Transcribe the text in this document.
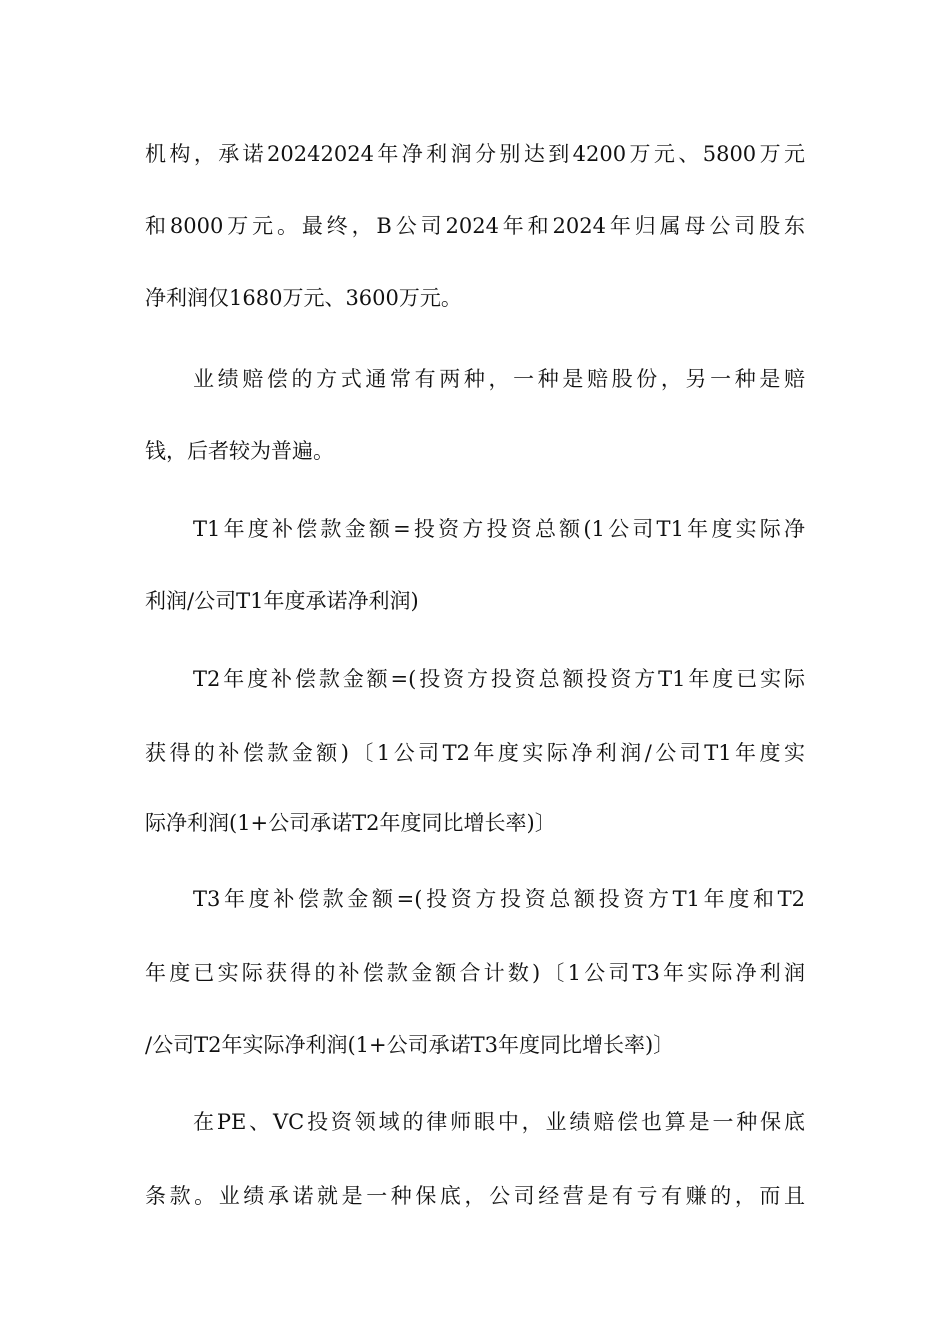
机构，承诺20242024年净利润分别达到4200万元、5800万元
和8000万元。最终，B公司2024年和2024年归属母公司股东
净利润仅1680万元、3600万元。
业绩赔偿的方式通常有两种，一种是赔股份，另一种是赔
钱，后者较为普遍。
T1年度补偿款金额=投资方投资总额(1公司T1年度实际净
利润/公司T1年度承诺净利润)
T2年度补偿款金额=(投资方投资总额投资方T1年度已实际
获得的补偿款金额)〔1公司T2年度实际净利润/公司T1年度实
际净利润(1+公司承诺T2年度同比增长率)〕
T3年度补偿款金额=(投资方投资总额投资方T1年度和T2
年度已实际获得的补偿款金额合计数)〔1公司T3年实际净利润
/公司T2年实际净利润(1+公司承诺T3年度同比增长率)〕
在PE、VC投资领域的律师眼中，业绩赔偿也算是一种保底
条款。业绩承诺就是一种保底，公司经营是有亏有赚的，而且
